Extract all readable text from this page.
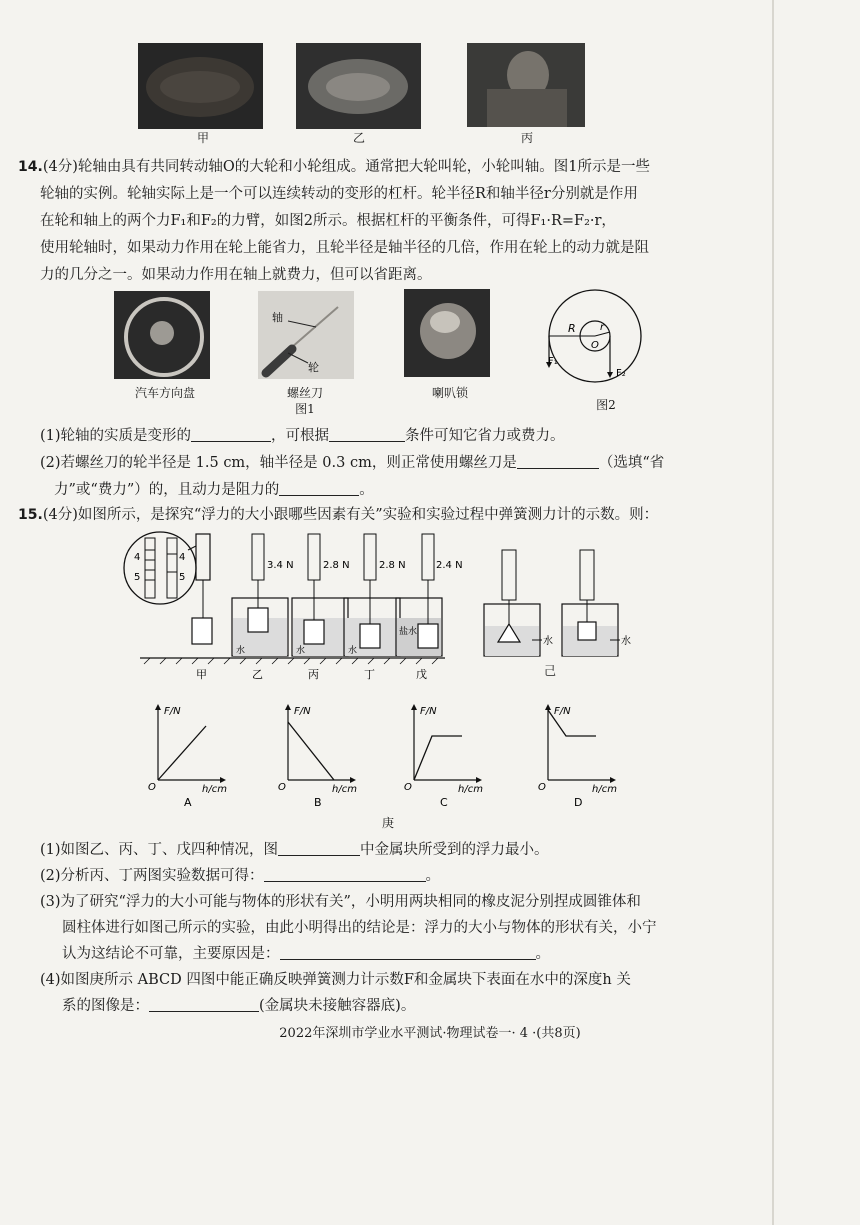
甲	乙	丙
14.(4分)轮轴由具有共同转动轴O的大轮和小轮组成。通常把大轮叫轮，小轮叫轴。图1所示是一些
轮轴的实例。轮轴实际上是一个可以连续转动的变形的杠杆。轮半径R和轴半径r分别就是作用
在轮和轴上的两个力F₁和F₂的力臂，如图2所示。根据杠杆的平衡条件，可得F₁·R=F₂·r，
使用轮轴时，如果动力作用在轮上能省力，且轮半径是轴半径的几倍，作用在轮上的动力就是阻
力的几分之一。如果动力作用在轴上就费力，但可以省距离。
汽车方向盘
轴
轮
螺丝刀
图1
喇叭锁
R r
O
F₁
F₂
图2
(1)轮轴的实质是变形的	，可根据	条件可知它省力或费力。
(2)若螺丝刀的轮半径是 1.5 cm，轴半径是 0.3 cm，则正常使用螺丝刀是	（选填“省
力”或“费力”）的，且动力是阻力的	。
15.(4分)如图所示，是探究“浮力的大小跟哪些因素有关”实验和实验过程中弹簧测力计的示数。则：
4
5
4
5
3.4 N
水
2.8 N
水
2.8 N
水
2.4 N
盐水
水	水
甲	乙	丙	丁	戊	己
F/N
h/cm
O
A
F/N
h/cm
O
B
F/N
h/cm
O
C
F/N
h/cm
O
D
庚
(1)如图乙、丙、丁、戊四种情况，图	中金属块所受到的浮力最小。
(2)分析丙、丁两图实验数据可得：	。
(3)为了研究“浮力的大小可能与物体的形状有关”，小明用两块相同的橡皮泥分别捏成圆锥体和
圆柱体进行如图己所示的实验，由此小明得出的结论是：浮力的大小与物体的形状有关，小宁
认为这结论不可靠，主要原因是：	。
(4)如图庚所示 ABCD 四图中能正确反映弹簧测力计示数F和金属块下表面在水中的深度h 关
系的图像是：	(金属块未接触容器底)。
2022年深圳市学业水平测试·物理试卷一· 4 ·(共8页)
